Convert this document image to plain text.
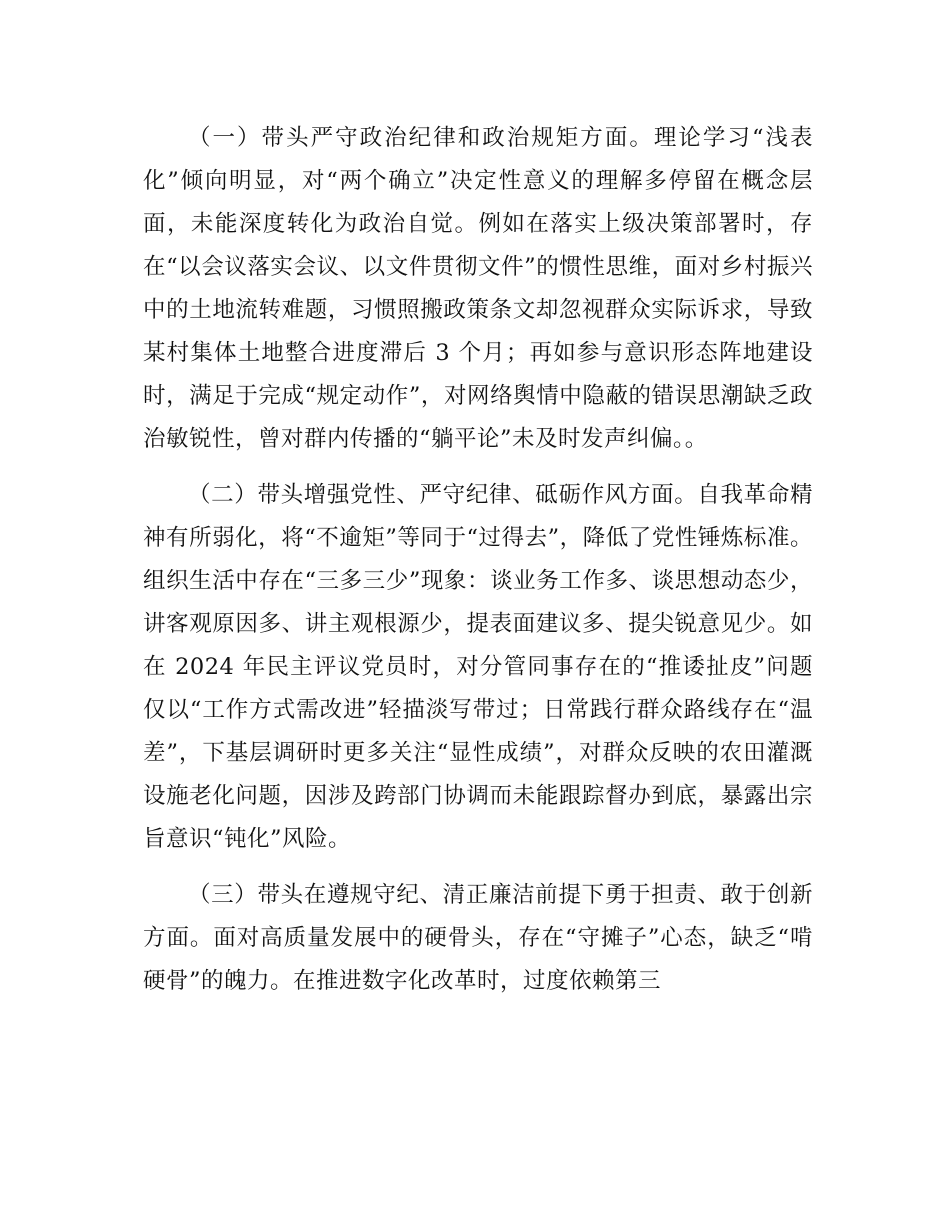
（一）带头严守政治纪律和政治规矩方面。理论学习“浅表化”倾向明显，对“两个确立”决定性意义的理解多停留在概念层面，未能深度转化为政治自觉。例如在落实上级决策部署时，存在“以会议落实会议、以文件贯彻文件”的惯性思维，面对乡村振兴中的土地流转难题，习惯照搬政策条文却忽视群众实际诉求，导致某村集体土地整合进度滞后 3 个月；再如参与意识形态阵地建设时，满足于完成“规定动作”，对网络舆情中隐蔽的错误思潮缺乏政治敏锐性，曾对群内传播的“躺平论”未及时发声纠偏。。

（二）带头增强党性、严守纪律、砥砺作风方面。自我革命精神有所弱化，将“不逾矩”等同于“过得去”，降低了党性锤炼标准。组织生活中存在“三多三少”现象：谈业务工作多、谈思想动态少，讲客观原因多、讲主观根源少，提表面建议多、提尖锐意见少。如在 2024 年民主评议党员时，对分管同事存在的“推诿扯皮”问题仅以“工作方式需改进”轻描淡写带过；日常践行群众路线存在“温差”，下基层调研时更多关注“显性成绩”，对群众反映的农田灌溉设施老化问题，因涉及跨部门协调而未能跟踪督办到底，暴露出宗旨意识“钝化”风险。

（三）带头在遵规守纪、清正廉洁前提下勇于担责、敢于创新方面。面对高质量发展中的硬骨头，存在“守摊子”心态，缺乏“啃硬骨”的魄力。在推进数字化改革时，过度依赖第三
